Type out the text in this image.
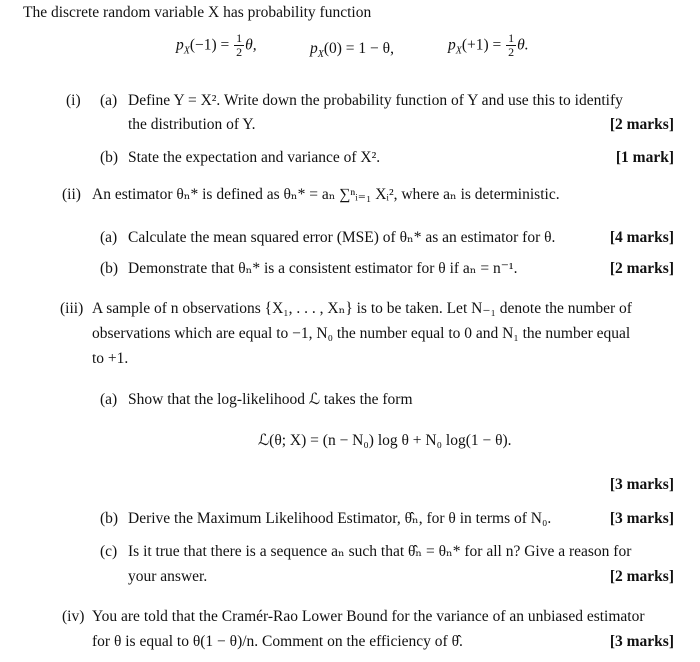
The discrete random variable X has probability function
$p_X(-1) = \frac{1}{2} \theta$,	$p_X(0) = 1 - \theta$,	$p_X(+1) = \frac{1}{2} \theta$.
(i) (a) Define Y = X². Write down the probability function of Y and use this to identify
the distribution of Y.	[2 marks]
(b) State the expectation and variance of X².	[1 mark]
(ii) An estimator θₙ* is defined as θₙ* = aₙ ∑ⁿᵢ₌₁ Xᵢ², where aₙ is deterministic.
(a) Calculate the mean squared error (MSE) of θₙ* as an estimator for θ.	[4 marks]
(b) Demonstrate that θₙ* is a consistent estimator for θ if aₙ = n⁻¹.	[2 marks]
(iii) A sample of n observations {X₁, . . . , Xₙ} is to be taken. Let N₋₁ denote the number of
observations which are equal to −1, N₀ the number equal to 0 and N₁ the number equal
to +1.
(a) Show that the log-likelihood ℒ takes the form
ℒ(θ; X) = (n − N₀) log θ + N₀ log(1 − θ).
[3 marks]
(b) Derive the Maximum Likelihood Estimator, θ̂ₙ, for θ in terms of N₀.	[3 marks]
(c) Is it true that there is a sequence aₙ such that θ̂ₙ = θₙ* for all n? Give a reason for
your answer.	[2 marks]
(iv) You are told that the Cramér-Rao Lower Bound for the variance of an unbiased estimator
for θ is equal to θ(1 − θ)/n. Comment on the efficiency of θ̂.	[3 marks]
